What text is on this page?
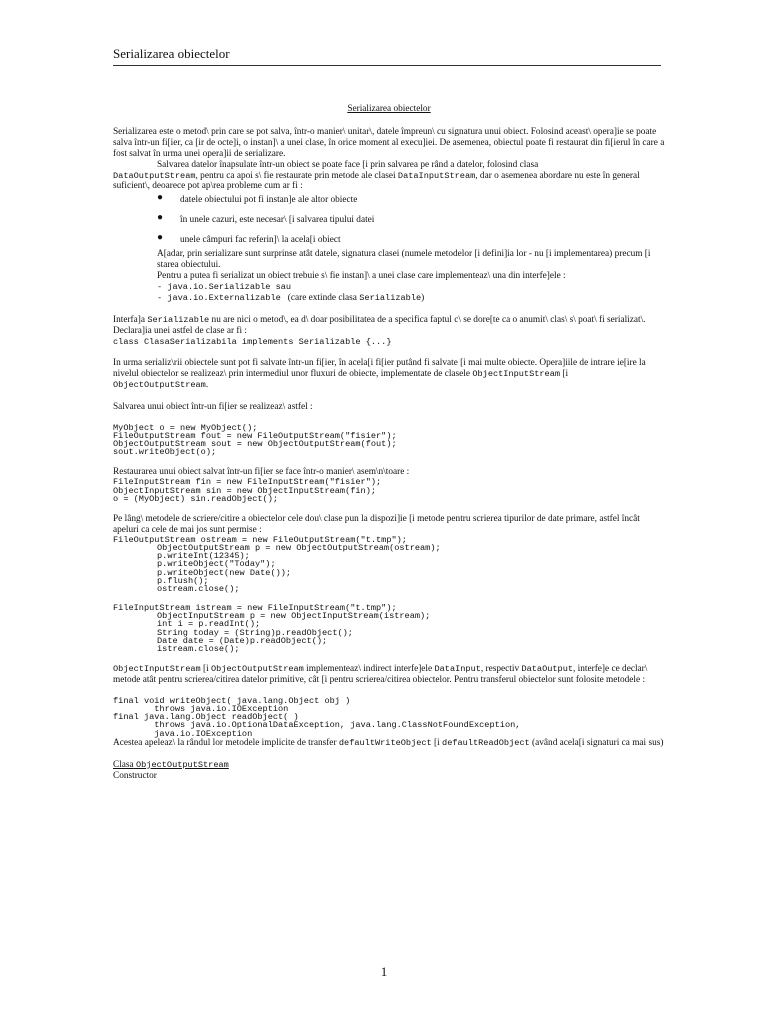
Serializarea obiectelor
Serializarea obiectelor

Serializarea este o metod\ prin care se pot salva, într-o manier\ unitar\, datele împreun\ cu signatura unui obiect. Folosind aceast\ opera]ie se poate salva într-un fi[ier, ca [ir de octe]i, o instan]\ a unei clase, în orice moment al execu]iei. De asemenea, obiectul poate fi restaurat din fi[ierul în care a fost salvat în urma unei opera]ii de serializare.

Salvarea datelor înapsulate într-un obiect se poate face [i prin salvarea pe rând a datelor, folosind clasa

DataOutputStream, pentru ca apoi s\ fie restaurate prin metode ale clasei DataInputStream, dar o asemenea abordare nu este în general suficient\, deoarece pot ap\rea probleme cum ar fi :

● datele obiectului pot fi instan]e ale altor obiecte
● în unele cazuri, este necesar\ [i salvarea tipului datei
● unele câmpuri fac referin]\ la acela[i obiect

A[adar, prin serializare sunt surprinse atât datele, signatura clasei (numele metodelor [i defini]ia lor - nu [i implementarea) precum [i starea obiectului.

Pentru a putea fi serializat un obiect trebuie s\ fie instan]\ a unei clase care implementeaz\ una din interfe]ele :

- java.io.Serializable sau
- java.io.Externalizable (care extinde clasa Serializable)

Interfa]a Serializable nu are nici o metod\, ea d\ doar posibilitatea de a specifica faptul c\ se dore[te ca o anumit\ clas\ s\ poat\ fi serializat\. Declara]ia unei astfel de clase ar fi :

class ClasaSerializabila implements Serializable {...}

In urma serializ\rii obiectele sunt pot fi salvate într-un fi[ier, în acela[i fi[ier putând fi salvate [i mai multe obiecte. Opera]iile de intrare ie[ire la nivelul obiectelor se realizeaz\ prin intermediul unor fluxuri de obiecte, implementate de clasele ObjectInputStream [i ObjectOutputStream.

Salvarea unui obiect într-un fi[ier se realizeaz\ astfel :

MyObject o = new MyObject();
FileOutputStream fout = new FileOutputStream("fisier");
ObjectOutputStream sout = new ObjectOutputStream(fout);
sout.writeObject(o);

Restaurarea unui obiect salvat într-un fi[ier se face într-o manier\ asem\n\toare :

FileInputStream fin = new FileInputStream("fisier");
ObjectInputStream sin = new ObjectInputStream(fin);
o = (MyObject) sin.readObject();

Pe lâng\ metodele de scriere/citire a obiectelor cele dou\ clase pun la dispozi]ie [i metode pentru scrierea tipurilor de date primare, astfel încât apeluri ca cele de mai jos sunt permise :

FileOutputStream ostream = new FileOutputStream("t.tmp");
ObjectOutputStream p = new ObjectOutputStream(ostream);
p.writeInt(12345);
p.writeObject("Today");
p.writeObject(new Date());
p.flush();
ostream.close();
FileInputStream istream = new FileInputStream("t.tmp");
ObjectInputStream p = new ObjectInputStream(istream);
int i = p.readInt();
String today = (String)p.readObject();
Date date = (Date)p.readObject();
istream.close();

ObjectInputStream [i ObjectOutputStream implementeaz\ indirect interfe]ele DataInput, respectiv DataOutput, interfe]e ce declar\ metode atât pentru scrierea/citirea datelor primitive, cât [i pentru scrierea/citirea obiectelor. Pentru transferul obiectelor sunt folosite metodele :

final void writeObject( java.lang.Object obj )
throws java.io.IOException
final java.lang.Object readObject( )
throws java.io.OptionalDataException, java.lang.ClassNotFoundException,
java.io.IOException

Acestea apeleaz\ la rândul lor metodele implicite de transfer defaultWriteObject [i defaultReadObject (având acela[i signaturi ca mai sus)

Clasa ObjectOutputStream

Constructor

1
